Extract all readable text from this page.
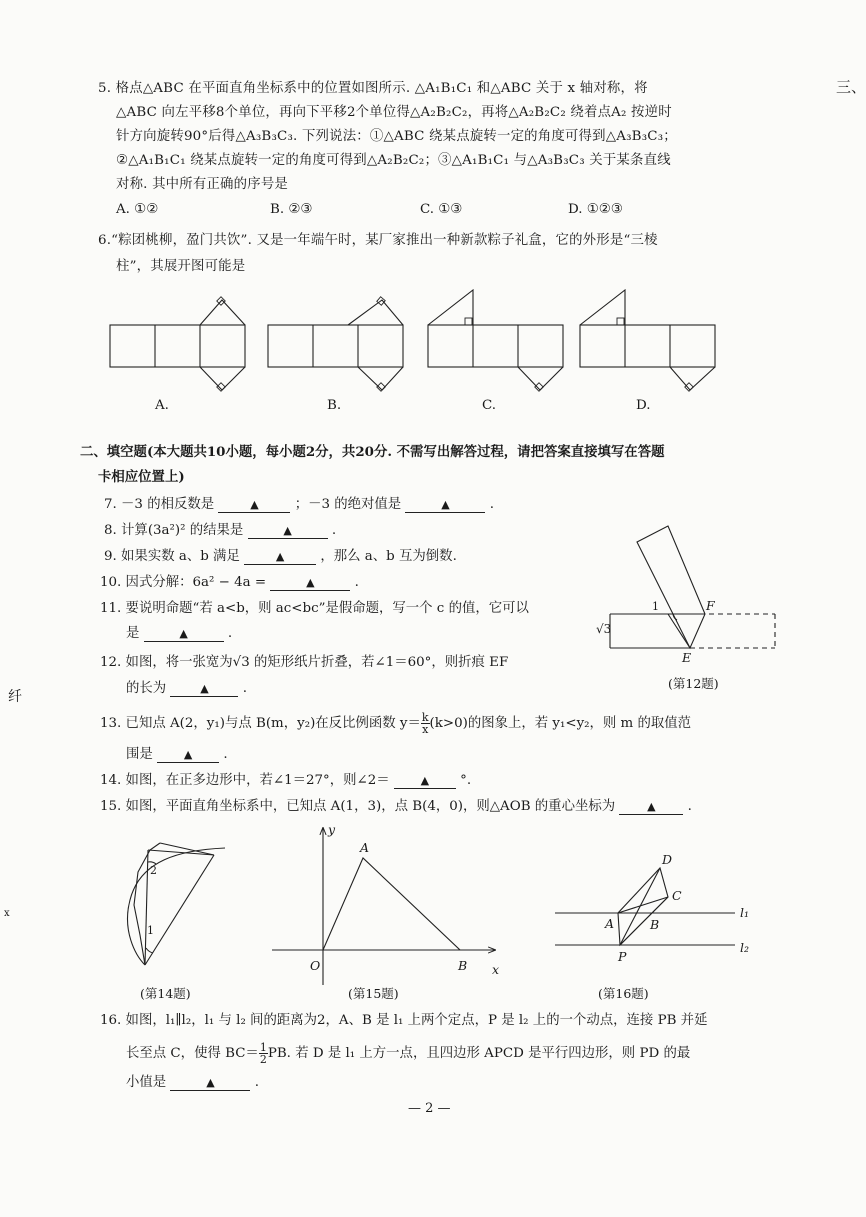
三、
纤
x
5. 格点△ABC 在平面直角坐标系中的位置如图所示. △A₁B₁C₁ 和△ABC 关于 x 轴对称，将
△ABC 向左平移8个单位，再向下平移2个单位得△A₂B₂C₂，再将△A₂B₂C₂ 绕着点A₂ 按逆时
针方向旋转90°后得△A₃B₃C₃. 下列说法：①△ABC 绕某点旋转一定的角度可得到△A₃B₃C₃；
②△A₁B₁C₁ 绕某点旋转一定的角度可得到△A₂B₂C₂；③△A₁B₁C₁ 与△A₃B₃C₃ 关于某条直线
对称. 其中所有正确的序号是
A. ①②	B. ②③	C. ①③	D. ①②③
6.“粽团桃柳，盈门共饮”. 又是一年端午时，某厂家推出一种新款粽子礼盒，它的外形是“三棱
柱”，其展开图可能是
A.	B.	C.	D.
二、填空题(本大题共10小题，每小题2分，共20分. 不需写出解答过程，请把答案直接填写在答题
卡相应位置上)
7. －3 的相反数是	▲	；－3 的绝对值是	▲	.
8. 计算(3a²)² 的结果是	▲	.
9. 如果实数 a、b 满足	▲	，那么 a、b 互为倒数.
10. 因式分解：6a² − 4a =	▲	.
11. 要说明命题“若 a<b，则 ac<bc”是假命题，写一个 c 的值，它可以
是	▲	.
12. 如图，将一张宽为√3 的矩形纸片折叠，若∠1＝60°，则折痕 EF
的长为	▲	.
1	F
E
√3
(第12题)
13. 已知点 A(2，y₁)与点 B(m，y₂)在反比例函数 $y= \frac{k}{x} (k>0)$的图象上，若 y₁<y₂，则 m 的取值范
围是	▲ .
14. 如图，在正多边形中，若∠1＝27°，则∠2＝	▲ °.
15. 如图，平面直角坐标系中，已知点 A(1，3)，点 B(4，0)，则△AOB 的重心坐标为	▲ .
2
1
(第14题)
y
x
A
O	B
(第15题)
D
C
A	B
P
l₁
l₂
(第16题)
16. 如图，l₁∥l₂，l₁ 与 l₂ 间的距离为2，A、B 是 l₁ 上两个定点，P 是 l₂ 上的一个动点，连接 PB 并延
长至点 C，使得 $BC= \frac{1}{2}$ PB. 若 D 是 l₁ 上方一点，且四边形 APCD 是平行四边形，则 PD 的最
小值是	▲	.
— 2 —
